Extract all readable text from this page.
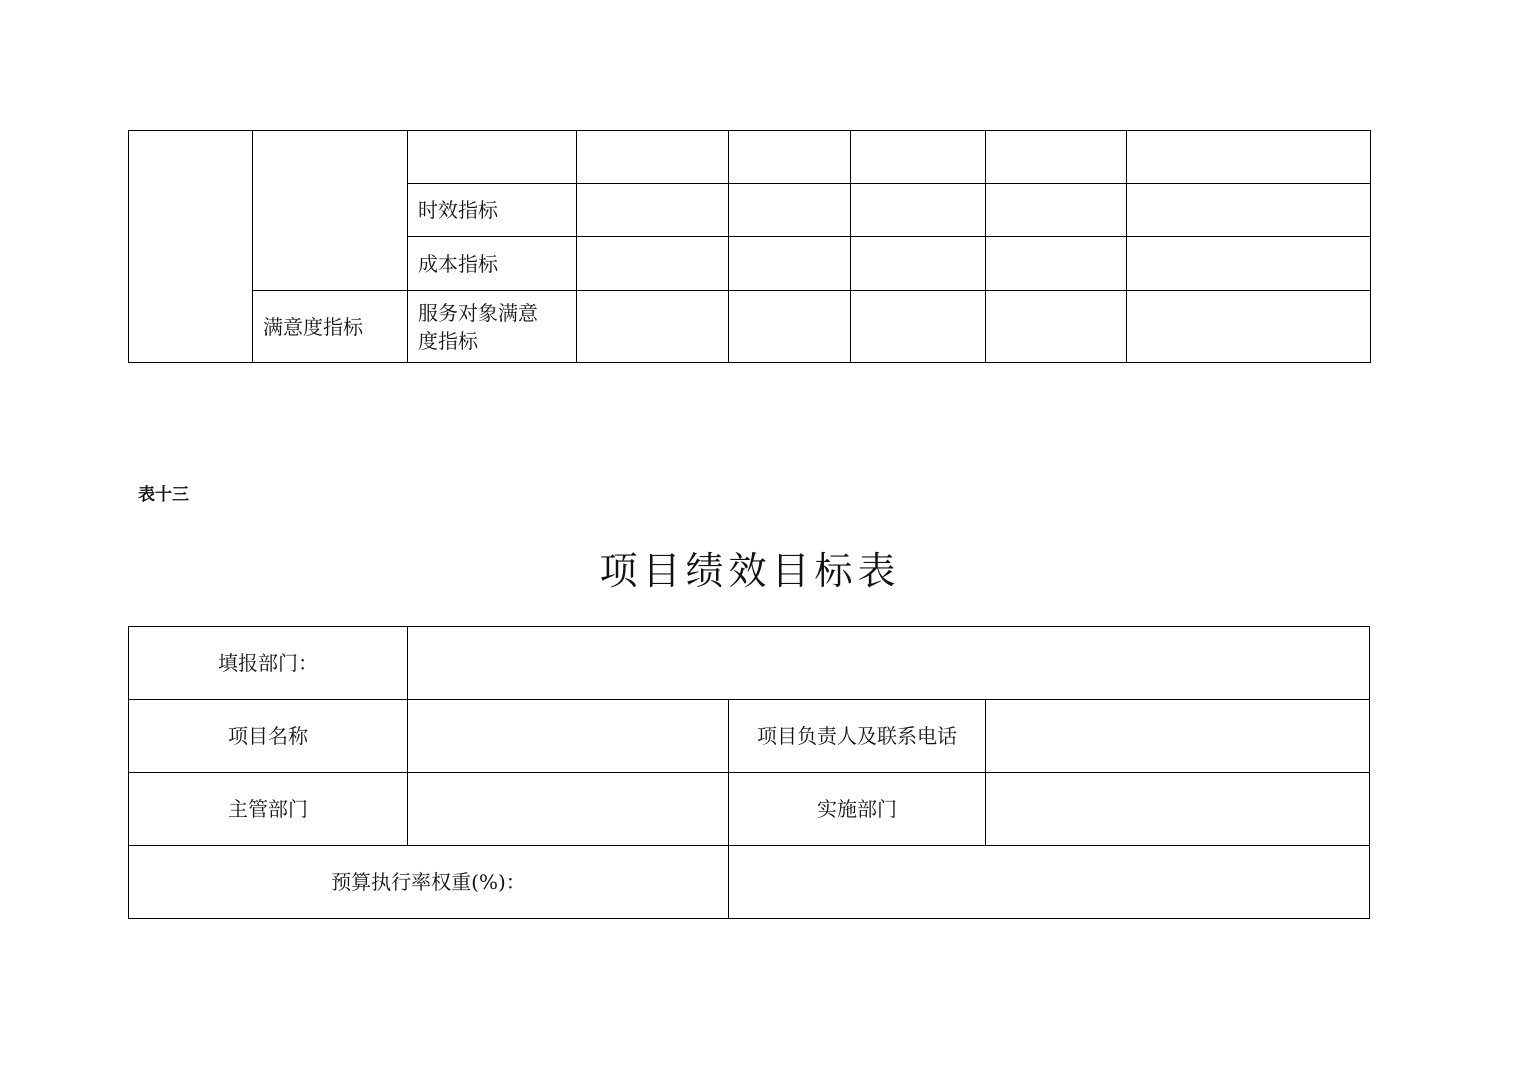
		时效指标					
		成本指标					
	满意度指标	服务对象满意度指标					
表十三
项目绩效目标表
填报部门：			
项目名称		项目负责人及联系电话	
主管部门		实施部门	
预算执行率权重(%)：			
